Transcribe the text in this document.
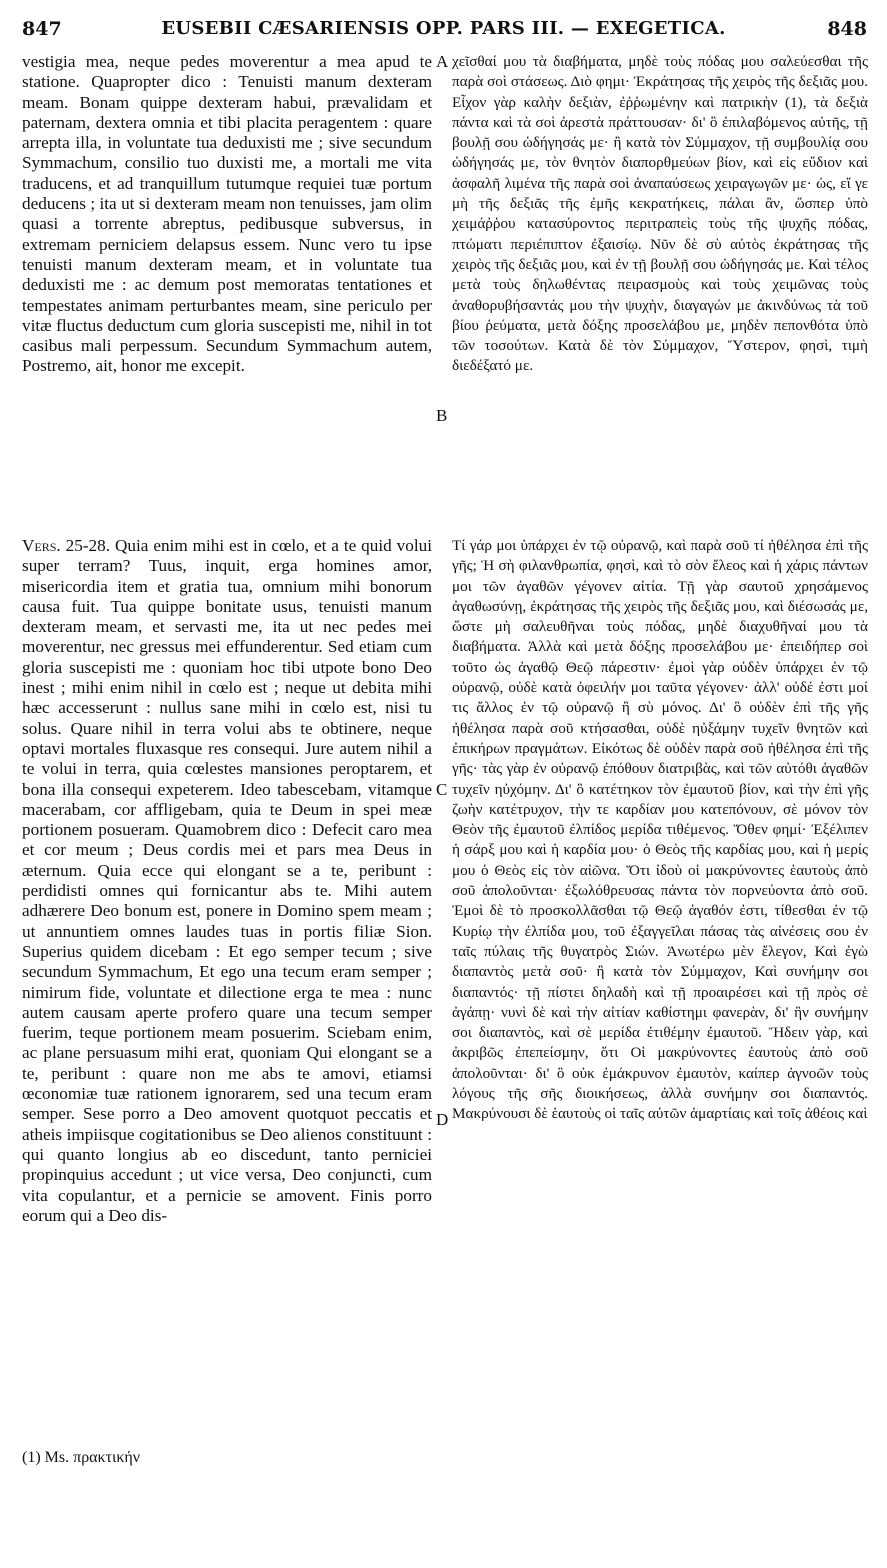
847	EUSEBII CÆSARIENSIS OPP. PARS III. — EXEGETICA.	848

vestigia mea, neque pedes moverentur a mea apud te statione. Quapropter dico : Tenuisti manum dexteram meam. Bonam quippe dexteram habui, prævalidam et paternam, dextera omnia et tibi placita peragentem : quare arrepta illa, in voluntate tua deduxisti me ; sive secundum Symmachum, consilio tuo duxisti me, a mortali me vita traducens, et ad tranquillum tutumque requiei tuæ portum deducens ; ita ut si dexteram meam non tenuisses, jam olim quasi a torrente abreptus, pedibusque subversus, in extremam perniciem delapsus essem. Nunc vero tu ipse tenuisti manum dexteram meam, et in voluntate tua deduxisti me : ac demum post memoratas tentationes et tempestates animam perturbantes meam, sine periculo per vitæ fluctus deductum cum gloria suscepisti me, nihil in tot casibus mali perpessum. Secundum Symmachum autem, Postremo, ait, honor me excepit.

Vers. 25-28. Quia enim mihi est in cœlo, et a te quid volui super terram? Tuus, inquit, erga homines amor, misericordia item et gratia tua, omnium mihi bonorum causa fuit. Tua quippe bonitate usus, tenuisti manum dexteram meam, et servasti me, ita ut nec pedes mei moverentur, nec gressus mei effunderentur. Sed etiam cum gloria suscepisti me : quoniam hoc tibi utpote bono Deo inest ; mihi enim nihil in cœlo est ; neque ut debita mihi hæc accesserunt : nullus sane mihi in cœlo est, nisi tu solus. Quare nihil in terra volui abs te obtinere, neque optavi mortales fluxasque res consequi. Jure autem nihil a te volui in terra, quia cœlestes mansiones peroptarem, et bona illa consequi expeterem. Ideo tabescebam, vitamque macerabam, cor affligebam, quia te Deum in spei meæ portionem posueram. Quamobrem dico : Defecit caro mea et cor meum ; Deus cordis mei et pars mea Deus in æternum. Quia ecce qui elongant se a te, peribunt : perdidisti omnes qui fornicantur abs te. Mihi autem adhærere Deo bonum est, ponere in Domino spem meam ; ut annuntiem omnes laudes tuas in portis filiæ Sion. Superius quidem dicebam : Et ego semper tecum ; sive secundum Symmachum, Et ego una tecum eram semper ; nimirum fide, voluntate et dilectione erga te mea : nunc autem causam aperte profero quare una tecum semper fuerim, teque portionem meam posuerim. Sciebam enim, ac plane persuasum mihi erat, quoniam Qui elongant se a te, peribunt : quare non me abs te amovi, etiamsi œconomiæ tuæ rationem ignorarem, sed una tecum eram semper. Sese porro a Deo amovent quotquot peccatis et atheis impiisque cogitationibus se Deo alienos constituunt : qui quanto longius ab eo discedunt, tanto perniciei propinquius accedunt ; ut vice versa, Deo conjuncti, cum vita copulantur, et a pernicie se amovent. Finis porro eorum qui a Deo dis-

χεῖσθαί μου τὰ διαβήματα, μηδὲ τοὺς πόδας μου σαλεύεσθαι τῆς παρὰ σοὶ στάσεως. Διὸ φημι· Ἐκράτησας τῆς χειρὸς τῆς δεξιᾶς μου. Εἶχον γὰρ καλὴν δεξιὰν, ἐῤῥωμένην καὶ πατρικὴν (1), τὰ δεξιὰ πάντα καὶ τὰ σοὶ ἀρεστὰ πράττουσαν· δι' ὃ ἐπιλαβόμενος αὐτῆς, τῇ βουλῇ σου ὡδήγησάς με· ἢ κατὰ τὸν Σύμμαχον, τῇ συμβουλίᾳ σου ὡδήγησάς με, τὸν θνητὸν διαπορθμεύων βίον, καὶ εἰς εὔδιον καὶ ἀσφαλῆ λιμένα τῆς παρὰ σοὶ ἀναπαύσεως χειραγωγῶν με· ὡς, εἴ γε μὴ τῆς δεξιᾶς τῆς ἐμῆς κεκρατήκεις, πάλαι ἂν, ὥσπερ ὑπὸ χειμάῤῥου κατασύροντος περιτραπεὶς τοὺς τῆς ψυχῆς πόδας, πτώματι περιέπιπτον ἐξαισίῳ. Νῦν δὲ σὺ αὐτὸς ἐκράτησας τῆς χειρὸς τῆς δεξιᾶς μου, καὶ ἐν τῇ βουλῇ σου ὡδήγησάς με. Καὶ τέλος μετὰ τοὺς δηλωθέντας πειρασμοὺς καὶ τοὺς χειμῶνας τοὺς ἀναθορυβήσαντάς μου τὴν ψυχὴν, διαγαγών με ἀκινδύνως τὰ τοῦ βίου ῥεύματα, μετὰ δόξης προσελάβου με, μηδὲν πεπονθότα ὑπὸ τῶν τοσούτων. Κατὰ δὲ τὸν Σύμμαχον, Ὕστερον, φησὶ, τιμὴ διεδέξατό με.

Τί γάρ μοι ὑπάρχει ἐν τῷ οὐρανῷ, καὶ παρὰ σοῦ τί ἠθέλησα ἐπὶ τῆς γῆς; Ἡ σὴ φιλανθρωπία, φησὶ, καὶ τὸ σὸν ἔλεος καὶ ἡ χάρις πάντων μοι τῶν ἀγαθῶν γέγονεν αἰτία. Τῇ γὰρ σαυτοῦ χρησάμενος ἀγαθωσύνῃ, ἐκράτησας τῆς χειρὸς τῆς δεξιᾶς μου, καὶ διέσωσάς με, ὥστε μὴ σαλευθῆναι τοὺς πόδας, μηδὲ διαχυθῆναί μου τὰ διαβήματα. Ἀλλὰ καὶ μετὰ δόξης προσελάβου με· ἐπειδήπερ σοὶ τοῦτο ὡς ἀγαθῷ Θεῷ πάρεστιν· ἐμοὶ γὰρ οὐδὲν ὑπάρχει ἐν τῷ οὐρανῷ, οὐδὲ κατὰ ὀφειλήν μοι ταῦτα γέγονεν· ἀλλ' οὐδέ ἐστι μοί τις ἄλλος ἐν τῷ οὐρανῷ ἢ σὺ μόνος. Δι' ὃ οὐδὲν ἐπὶ τῆς γῆς ἠθέλησα παρὰ σοῦ κτήσασθαι, οὐδὲ ηὐξάμην τυχεῖν θνητῶν καὶ ἐπικήρων πραγμάτων. Εἰκότως δὲ οὐδὲν παρὰ σοῦ ἠθέλησα ἐπὶ τῆς γῆς· τὰς γὰρ ἐν οὐρανῷ ἐπόθουν διατριβὰς, καὶ τῶν αὐτόθι ἀγαθῶν τυχεῖν ηὐχόμην. Δι' ὃ κατέτηκον τὸν ἐμαυτοῦ βίον, καὶ τὴν ἐπὶ γῆς ζωὴν κατέτρυχον, τὴν τε καρδίαν μου κατεπόνουν, σὲ μόνον τὸν Θεὸν τῆς ἐμαυτοῦ ἐλπίδος μερίδα τιθέμενος. Ὅθεν φημί· Ἐξέλιπεν ἡ σάρξ μου καὶ ἡ καρδία μου· ὁ Θεὸς τῆς καρδίας μου, καὶ ἡ μερίς μου ὁ Θεὸς εἰς τὸν αἰῶνα. Ὅτι ἰδοὺ οἱ μακρύνοντες ἑαυτοὺς ἀπὸ σοῦ ἀπολοῦνται· ἐξωλόθρευσας πάντα τὸν πορνεύοντα ἀπὸ σοῦ. Ἐμοὶ δὲ τὸ προσκολλᾶσθαι τῷ Θεῷ ἀγαθόν ἐστι, τίθεσθαι ἐν τῷ Κυρίῳ τὴν ἐλπίδα μου, τοῦ ἐξαγγεῖλαι πάσας τὰς αἰνέσεις σου ἐν ταῖς πύλαις τῆς θυγατρὸς Σιών. Ἀνωτέρω μὲν ἔλεγον, Καὶ ἐγὼ διαπαντὸς μετὰ σοῦ· ἢ κατὰ τὸν Σύμμαχον, Καὶ συνήμην σοι διαπαντός· τῇ πίστει δηλαδὴ καὶ τῇ προαιρέσει καὶ τῇ πρὸς σὲ ἀγάπῃ· νυνὶ δὲ καὶ τὴν αἰτίαν καθίστημι φανερὰν, δι' ἣν συνήμην σοι διαπαντὸς, καὶ σὲ μερίδα ἐτιθέμην ἐμαυτοῦ. Ἤδειν γὰρ, καὶ ἀκριβῶς ἐπεπείσμην, ὅτι Οἱ μακρύνοντες ἑαυτοὺς ἀπὸ σοῦ ἀπολοῦνται· δι' ὃ οὐκ ἐμάκρυνον ἐμαυτὸν, καίπερ ἀγνοῶν τοὺς λόγους τῆς σῆς διοικήσεως, ἀλλὰ συνήμην σοι διαπαντός. Μακρύνουσι δὲ ἑαυτοὺς οἱ ταῖς αὐτῶν ἁμαρτίαις καὶ τοῖς ἀθέοις καὶ

A
B
C
D
(1) Ms. πρακτικήν
